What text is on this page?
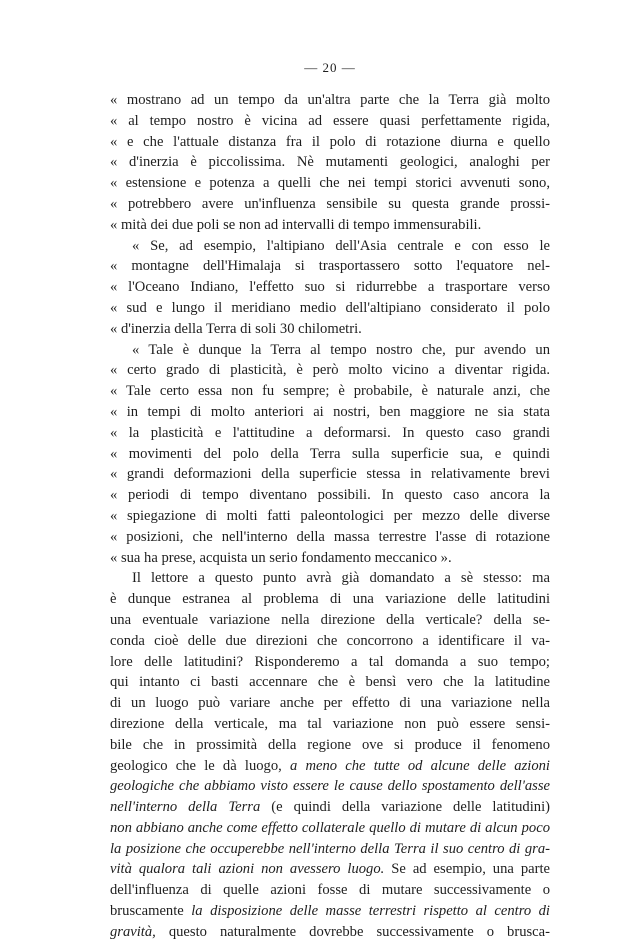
— 20 —
« mostrano ad un tempo da un'altra parte che la Terra già molto
« al tempo nostro è vicina ad essere quasi perfettamente rigida,
« e che l'attuale distanza fra il polo di rotazione diurna e quello
« d'inerzia è piccolissima. Nè mutamenti geologici, analoghi per
« estensione e potenza a quelli che nei tempi storici avvenuti sono,
« potrebbero avere un'influenza sensibile su questa grande prossi-
« mità dei due poli se non ad intervalli di tempo immensurabili.
« Se, ad esempio, l'altipiano dell'Asia centrale e con esso le
« montagne dell'Himalaja si trasportassero sotto l'equatore nel-
« l'Oceano Indiano, l'effetto suo si ridurrebbe a trasportare verso
« sud e lungo il meridiano medio dell'altipiano considerato il polo
« d'inerzia della Terra di soli 30 chilometri.
« Tale è dunque la Terra al tempo nostro che, pur avendo un
« certo grado di plasticità, è però molto vicino a diventar rigida.
« Tale certo essa non fu sempre; è probabile, è naturale anzi, che
« in tempi di molto anteriori ai nostri, ben maggiore ne sia stata
« la plasticità e l'attitudine a deformarsi. In questo caso grandi
« movimenti del polo della Terra sulla superficie sua, e quindi
« grandi deformazioni della superficie stessa in relativamente brevi
« periodi di tempo diventano possibili. In questo caso ancora la
« spiegazione di molti fatti paleontologici per mezzo delle diverse
« posizioni, che nell'interno della massa terrestre l'asse di rotazione
« sua ha prese, acquista un serio fondamento meccanico ».
Il lettore a questo punto avrà già domandato a sè stesso: ma
è dunque estranea al problema di una variazione delle latitudini
una eventuale variazione nella direzione della verticale? della se-
conda cioè delle due direzioni che concorrono a identificare il va-
lore delle latitudini? Risponderemo a tal domanda a suo tempo;
qui intanto ci basti accennare che è bensì vero che la latitudine
di un luogo può variare anche per effetto di una variazione nella
direzione della verticale, ma tal variazione non può essere sensi-
bile che in prossimità della regione ove si produce il fenomeno
geologico che le dà luogo, a meno che tutte od alcune delle azioni
geologiche che abbiamo visto essere le cause dello spostamento dell'asse
nell'interno della Terra (e quindi della variazione delle latitudini)
non abbiano anche come effetto collaterale quello di mutare di alcun poco
la posizione che occuperebbe nell'interno della Terra il suo centro di gra-
vità qualora tali azioni non avessero luogo. Se ad esempio, una parte
dell'influenza di quelle azioni fosse di mutare successivamente o
bruscamente la disposizione delle masse terrestri rispetto al centro di
gravità, questo naturalmente dovrebbe successivamente o brusca-
